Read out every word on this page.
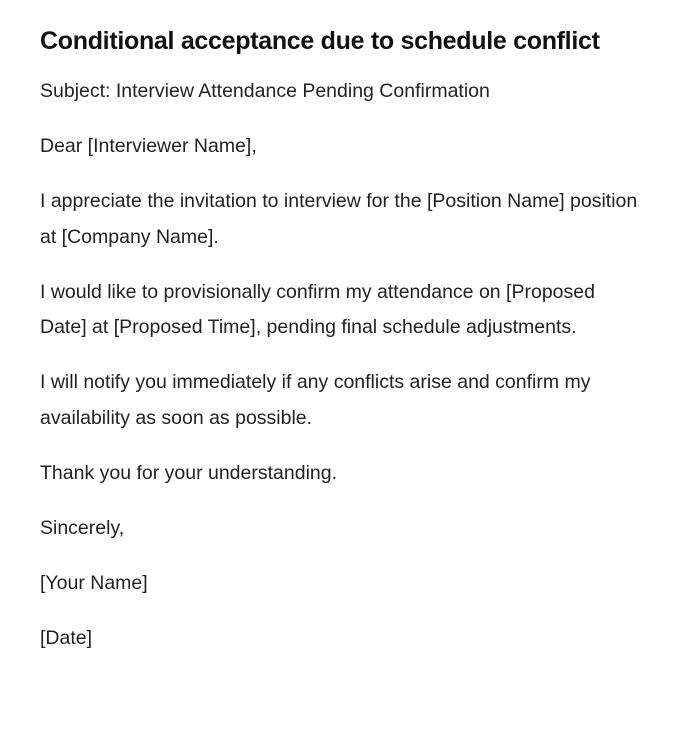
Conditional acceptance due to schedule conflict

Subject: Interview Attendance Pending Confirmation

Dear [Interviewer Name],

I appreciate the invitation to interview for the [Position Name] position at [Company Name].

I would like to provisionally confirm my attendance on [Proposed Date] at [Proposed Time], pending final schedule adjustments.

I will notify you immediately if any conflicts arise and confirm my availability as soon as possible.

Thank you for your understanding.

Sincerely,

[Your Name]

[Date]
